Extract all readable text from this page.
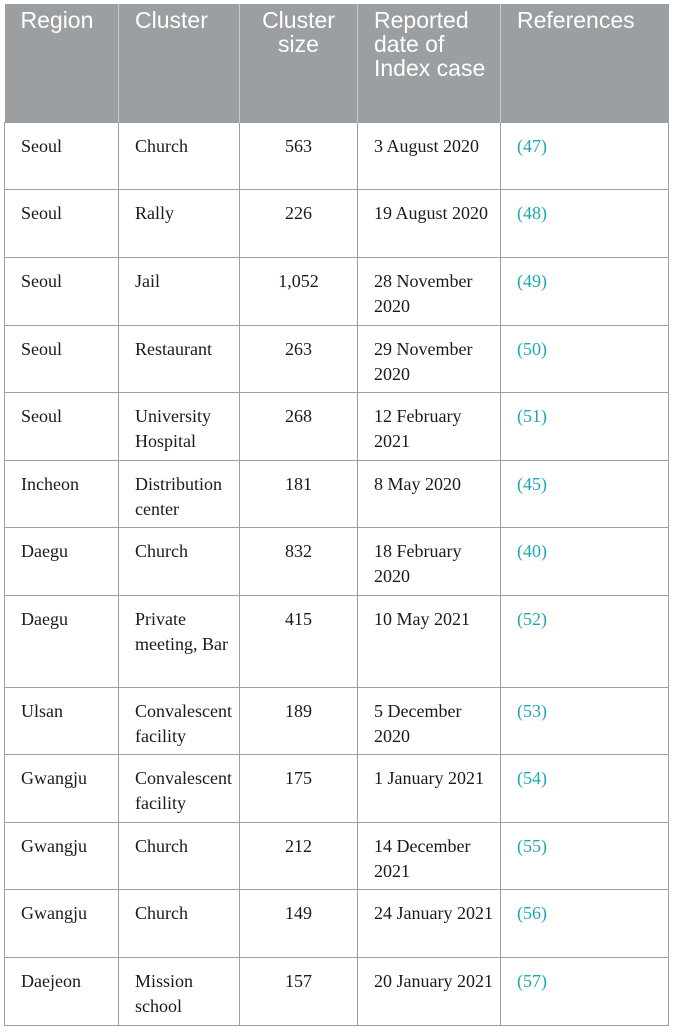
Region	Cluster	Cluster size	Reported date of Index case	References
Seoul	Church	563	3 August 2020	(47)
Seoul	Rally	226	19 August 2020	(48)
Seoul	Jail	1,052	28 November 2020	(49)
Seoul	Restaurant	263	29 November 2020	(50)
Seoul	University Hospital	268	12 February 2021	(51)
Incheon	Distribution center	181	8 May 2020	(45)
Daegu	Church	832	18 February 2020	(40)
Daegu	Private meeting, Bar	415	10 May 2021	(52)
Ulsan	Convalescent facility	189	5 December 2020	(53)
Gwangju	Convalescent facility	175	1 January 2021	(54)
Gwangju	Church	212	14 December 2021	(55)
Gwangju	Church	149	24 January 2021	(56)
Daejeon	Mission school	157	20 January 2021	(57)
